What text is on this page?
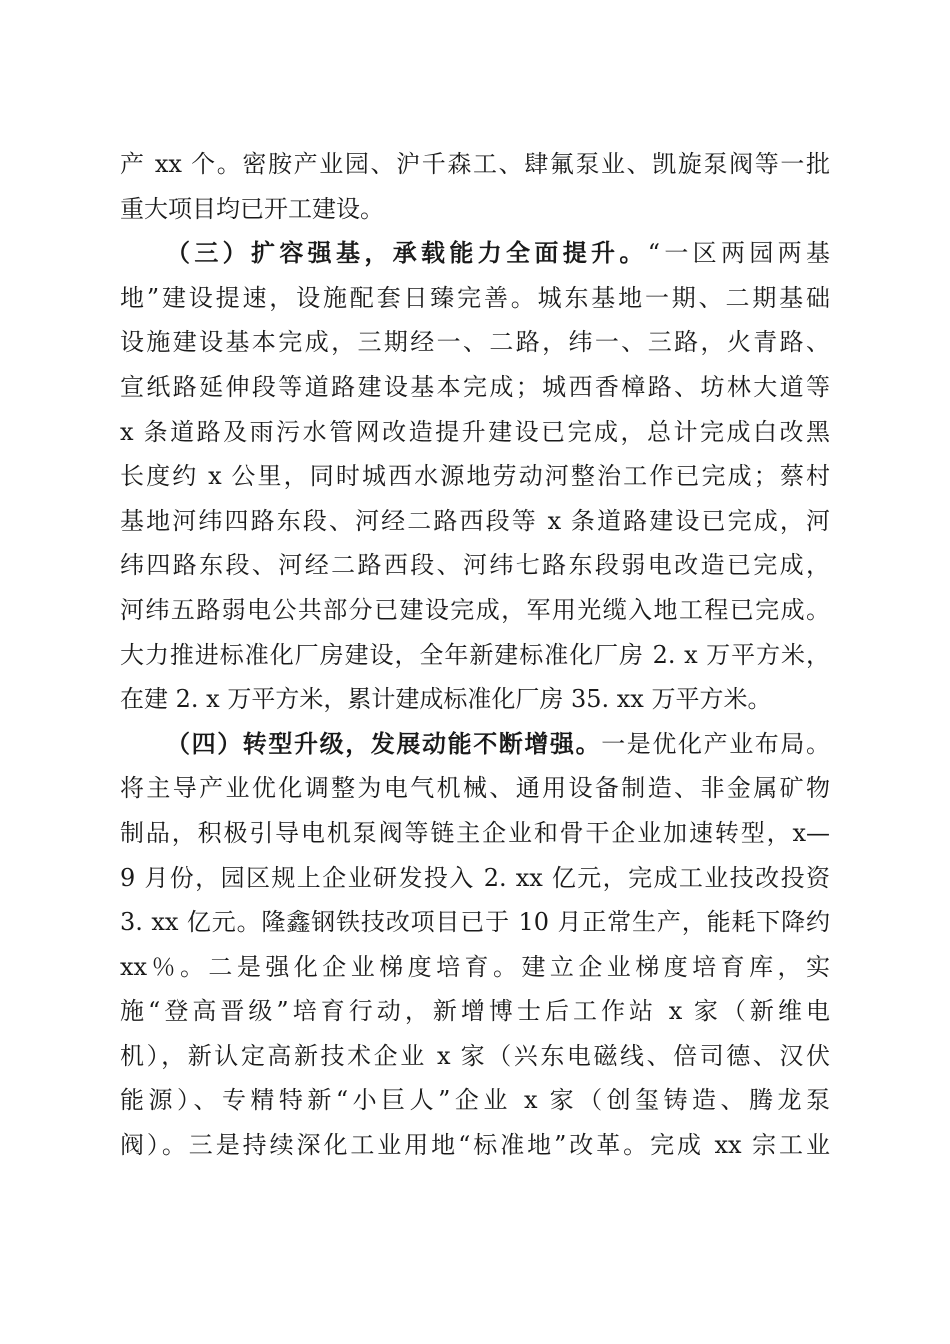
产 xx 个。密胺产业园、沪千森工、肆氟泵业、凯旋泵阀等一批
重大项目均已开工建设。
（三）扩容强基，承载能力全面提升。“一区两园两基
地”建设提速，设施配套日臻完善。城东基地一期、二期基础
设施建设基本完成，三期经一、二路，纬一、三路，火青路、
宣纸路延伸段等道路建设基本完成；城西香樟路、坊林大道等
x 条道路及雨污水管网改造提升建设已完成，总计完成白改黑
长度约 x 公里，同时城西水源地劳动河整治工作已完成；蔡村
基地河纬四路东段、河经二路西段等 x 条道路建设已完成，河
纬四路东段、河经二路西段、河纬七路东段弱电改造已完成，
河纬五路弱电公共部分已建设完成，军用光缆入地工程已完成。
大力推进标准化厂房建设，全年新建标准化厂房 2. x 万平方米，
在建 2. x 万平方米，累计建成标准化厂房 35. xx 万平方米。
（四）转型升级，发展动能不断增强。一是优化产业布局。
将主导产业优化调整为电气机械、通用设备制造、非金属矿物
制品，积极引导电机泵阀等链主企业和骨干企业加速转型，x—
9 月份，园区规上企业研发投入 2. xx 亿元，完成工业技改投资
3. xx 亿元。隆鑫钢铁技改项目已于 10 月正常生产，能耗下降约
xx％。二是强化企业梯度培育。建立企业梯度培育库，实
施“登高晋级”培育行动，新增博士后工作站 x 家（新维电
机），新认定高新技术企业 x 家（兴东电磁线、倍司德、汉伏
能源）、专精特新“小巨人”企业 x 家（创玺铸造、腾龙泵
阀）。三是持续深化工业用地“标准地”改革。完成 xx 宗工业
